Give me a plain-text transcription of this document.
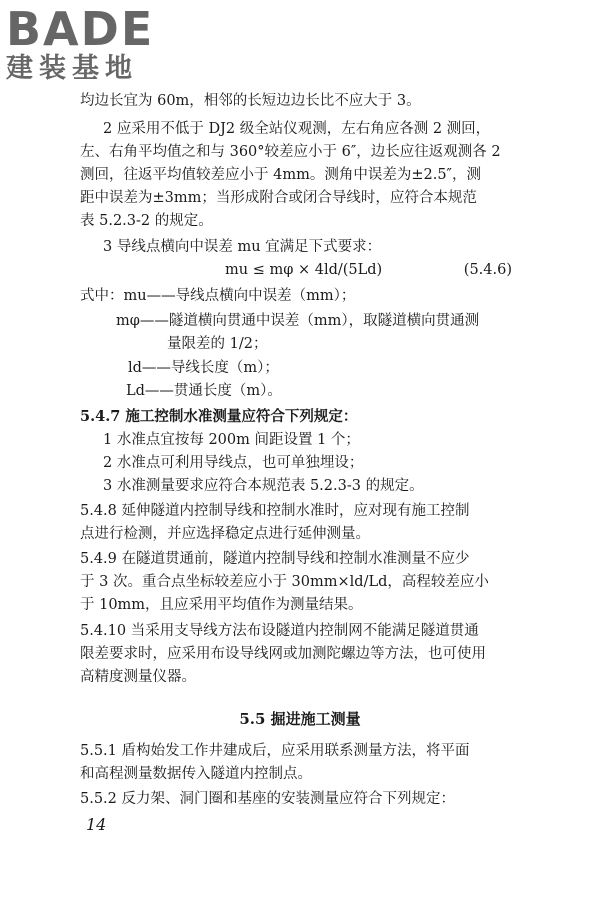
BADE
建装基地
均边长宜为 60m，相邻的长短边边长比不应大于 3。
2 应采用不低于 DJ2 级全站仪观测，左右角应各测 2 测回，
左、右角平均值之和与 360°较差应小于 6″，边长应往返观测各 2
测回，往返平均值较差应小于 4mm。测角中误差为±2.5″，测
距中误差为±3mm；当形成附合或闭合导线时，应符合本规范
表 5.2.3-2 的规定。
3 导线点横向中误差 mu 宜满足下式要求：
mu ≤ mφ × 4ld/(5Ld)	(5.4.6)
式中：mu——导线点横向中误差（mm）；
mφ——隧道横向贯通中误差（mm），取隧道横向贯通测
量限差的 1/2；
ld——导线长度（m）；
Ld——贯通长度（m）。
5.4.7 施工控制水准测量应符合下列规定：
1 水准点宜按每 200m 间距设置 1 个；
2 水准点可利用导线点，也可单独埋设；
3 水准测量要求应符合本规范表 5.2.3-3 的规定。
5.4.8 延伸隧道内控制导线和控制水准时，应对现有施工控制
点进行检测，并应选择稳定点进行延伸测量。
5.4.9 在隧道贯通前，隧道内控制导线和控制水准测量不应少
于 3 次。重合点坐标较差应小于 30mm×ld/Ld，高程较差应小
于 10mm，且应采用平均值作为测量结果。
5.4.10 当采用支导线方法布设隧道内控制网不能满足隧道贯通
限差要求时，应采用布设导线网或加测陀螺边等方法，也可使用
高精度测量仪器。
5.5 掘进施工测量
5.5.1 盾构始发工作井建成后，应采用联系测量方法，将平面
和高程测量数据传入隧道内控制点。
5.5.2 反力架、洞门圈和基座的安装测量应符合下列规定：
14
